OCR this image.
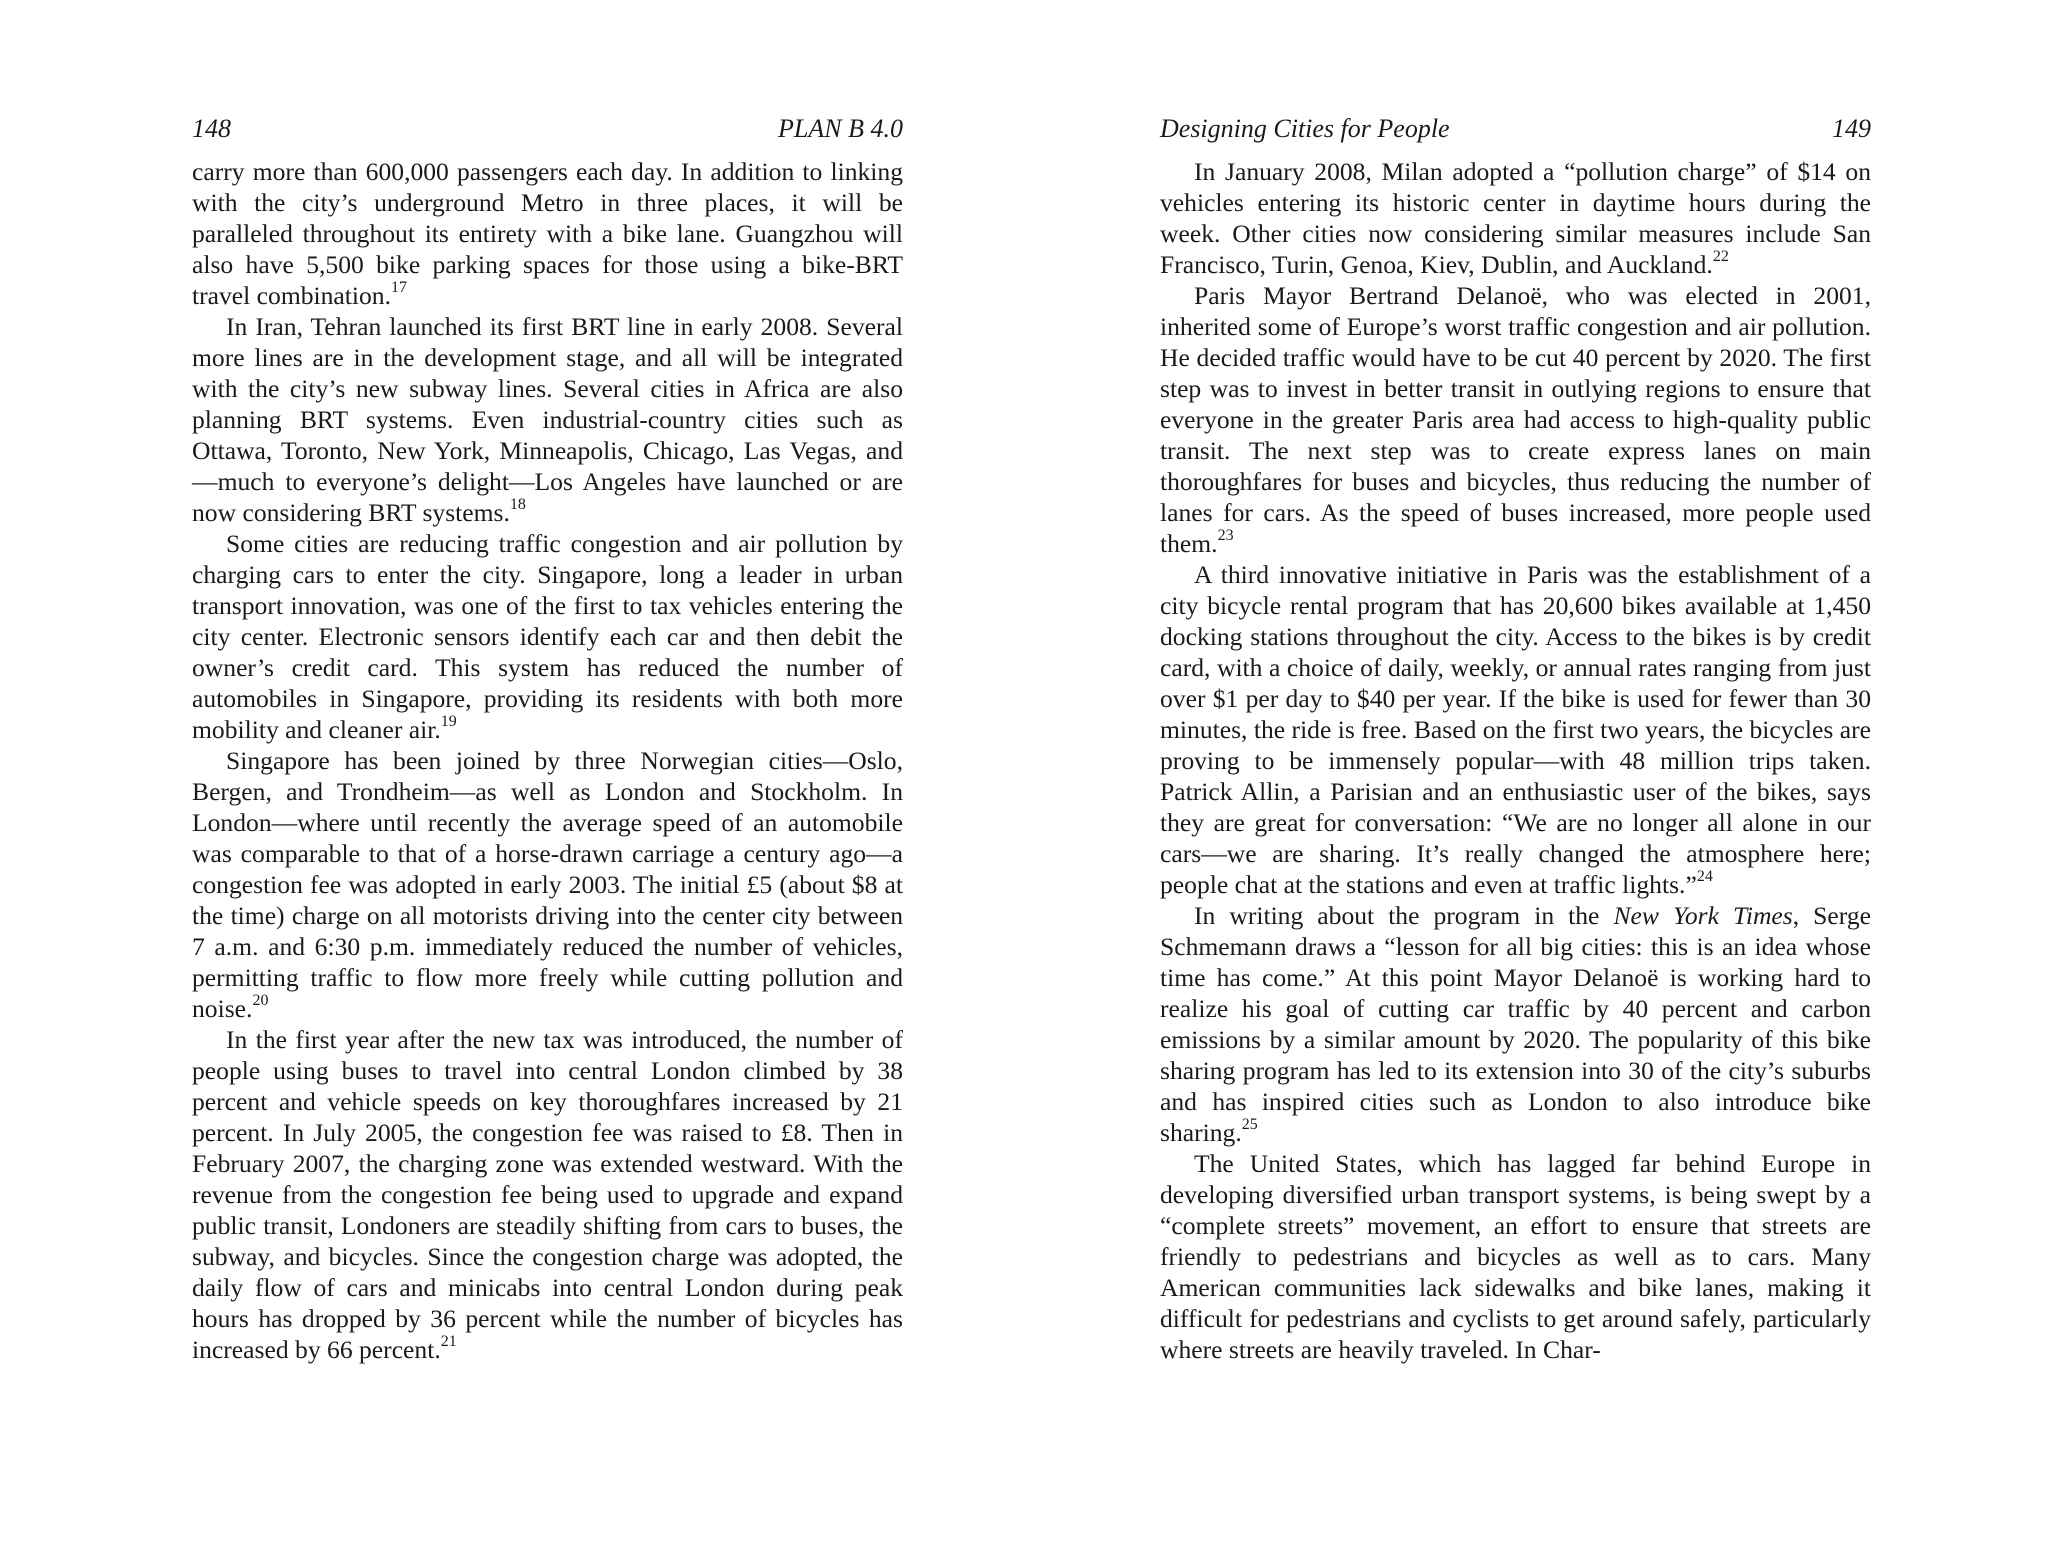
148	PLAN B 4.0

carry more than 600,000 passengers each day. In addition to linking with the city’s underground Metro in three places, it will be paralleled throughout its entirety with a bike lane. Guangzhou will also have 5,500 bike parking spaces for those using a bike-BRT travel combination.$^{17}$

In Iran, Tehran launched its first BRT line in early 2008. Several more lines are in the development stage, and all will be integrated with the city’s new subway lines. Several cities in Africa are also planning BRT systems. Even industrial-country cities such as Ottawa, Toronto, New York, Minneapolis, Chicago, Las Vegas, and—much to everyone’s delight—Los Angeles have launched or are now considering BRT systems.$^{18}$

Some cities are reducing traffic congestion and air pollution by charging cars to enter the city. Singapore, long a leader in urban transport innovation, was one of the first to tax vehicles entering the city center. Electronic sensors identify each car and then debit the owner’s credit card. This system has reduced the number of automobiles in Singapore, providing its residents with both more mobility and cleaner air.$^{19}$

Singapore has been joined by three Norwegian cities—Oslo, Bergen, and Trondheim—as well as London and Stockholm. In London—where until recently the average speed of an automobile was comparable to that of a horse-drawn carriage a century ago—a congestion fee was adopted in early 2003. The initial £5 (about $8 at the time) charge on all motorists driving into the center city between 7 a.m. and 6:30 p.m. immediately reduced the number of vehicles, permitting traffic to flow more freely while cutting pollution and noise.$^{20}$

In the first year after the new tax was introduced, the number of people using buses to travel into central London climbed by 38 percent and vehicle speeds on key thoroughfares increased by 21 percent. In July 2005, the congestion fee was raised to £8. Then in February 2007, the charging zone was extended westward. With the revenue from the congestion fee being used to upgrade and expand public transit, Londoners are steadily shifting from cars to buses, the subway, and bicycles. Since the congestion charge was adopted, the daily flow of cars and minicabs into central London during peak hours has dropped by 36 percent while the number of bicycles has increased by 66 percent.$^{21}$

Designing Cities for People	149

In January 2008, Milan adopted a “pollution charge” of $14 on vehicles entering its historic center in daytime hours during the week. Other cities now considering similar measures include San Francisco, Turin, Genoa, Kiev, Dublin, and Auckland.$^{22}$

Paris Mayor Bertrand Delanoë, who was elected in 2001, inherited some of Europe’s worst traffic congestion and air pollution. He decided traffic would have to be cut 40 percent by 2020. The first step was to invest in better transit in outlying regions to ensure that everyone in the greater Paris area had access to high-quality public transit. The next step was to create express lanes on main thoroughfares for buses and bicycles, thus reducing the number of lanes for cars. As the speed of buses increased, more people used them.$^{23}$

A third innovative initiative in Paris was the establishment of a city bicycle rental program that has 20,600 bikes available at 1,450 docking stations throughout the city. Access to the bikes is by credit card, with a choice of daily, weekly, or annual rates ranging from just over $1 per day to $40 per year. If the bike is used for fewer than 30 minutes, the ride is free. Based on the first two years, the bicycles are proving to be immensely popular—with 48 million trips taken. Patrick Allin, a Parisian and an enthusiastic user of the bikes, says they are great for conversation: “We are no longer all alone in our cars—we are sharing. It’s really changed the atmosphere here; people chat at the stations and even at traffic lights.”$^{24}$

In writing about the program in the New York Times, Serge Schmemann draws a “lesson for all big cities: this is an idea whose time has come.” At this point Mayor Delanoë is working hard to realize his goal of cutting car traffic by 40 percent and carbon emissions by a similar amount by 2020. The popularity of this bike sharing program has led to its extension into 30 of the city’s suburbs and has inspired cities such as London to also introduce bike sharing.$^{25}$

The United States, which has lagged far behind Europe in developing diversified urban transport systems, is being swept by a “complete streets” movement, an effort to ensure that streets are friendly to pedestrians and bicycles as well as to cars. Many American communities lack sidewalks and bike lanes, making it difficult for pedestrians and cyclists to get around safely, particularly where streets are heavily traveled. In Char-
